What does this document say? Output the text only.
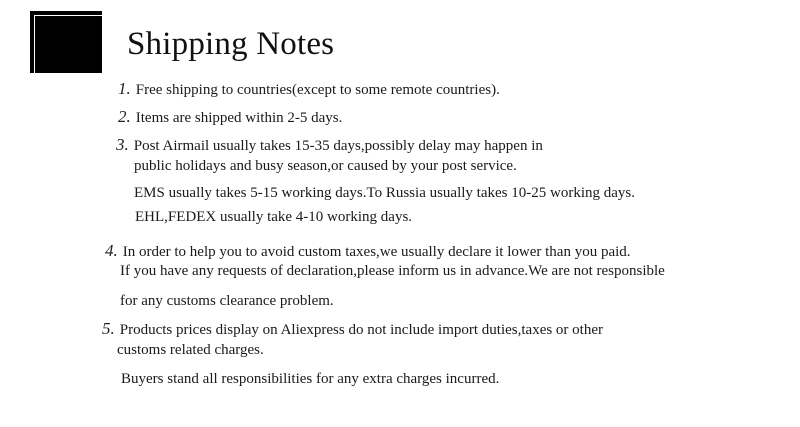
Shipping Notes
1. Free shipping to countries(except to some remote countries).
2. Items are shipped within 2-5 days.
3. Post Airmail usually takes 15-35 days,possibly delay may happen in
public holidays and busy season,or caused by your post service.
EMS usually takes 5-15 working days.To Russia usually takes 10-25 working days.
EHL,FEDEX usually take 4-10 working days.
4. In order to help you to avoid custom taxes,we usually declare it lower than you paid.
If you have any requests of declaration,please inform us in advance.We are not responsible
for any customs clearance problem.
5. Products prices display on Aliexpress do not include import duties,taxes or other
customs related charges.
Buyers stand all responsibilities for any extra charges incurred.
